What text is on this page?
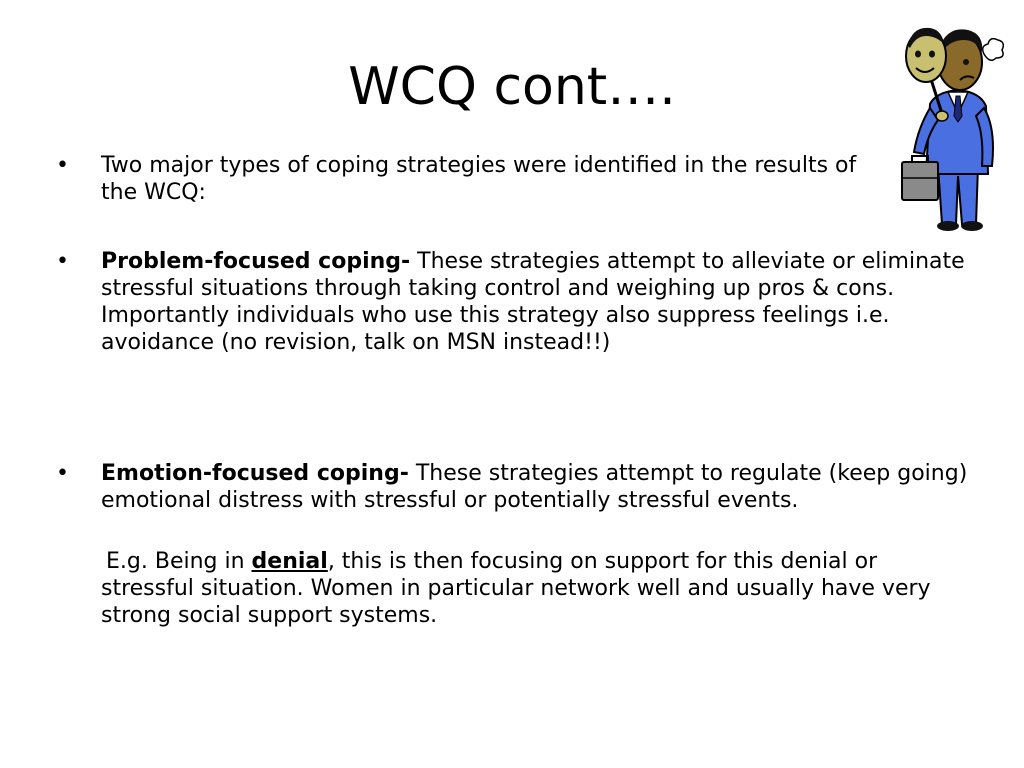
WCQ cont….
•	Two major types of coping strategies were identified in the results of the WCQ:
•	Problem-focused coping- These strategies attempt to alleviate or eliminate stressful situations through taking control and weighing up pros & cons. Importantly individuals who use this strategy also suppress feelings i.e. avoidance (no revision, talk on MSN instead!!)
•	Emotion-focused coping- These strategies attempt to regulate (keep going) emotional distress with stressful or potentially stressful events.
E.g. Being in denial, this is then focusing on support for this denial or stressful situation. Women in particular network well and usually have very strong social support systems.
